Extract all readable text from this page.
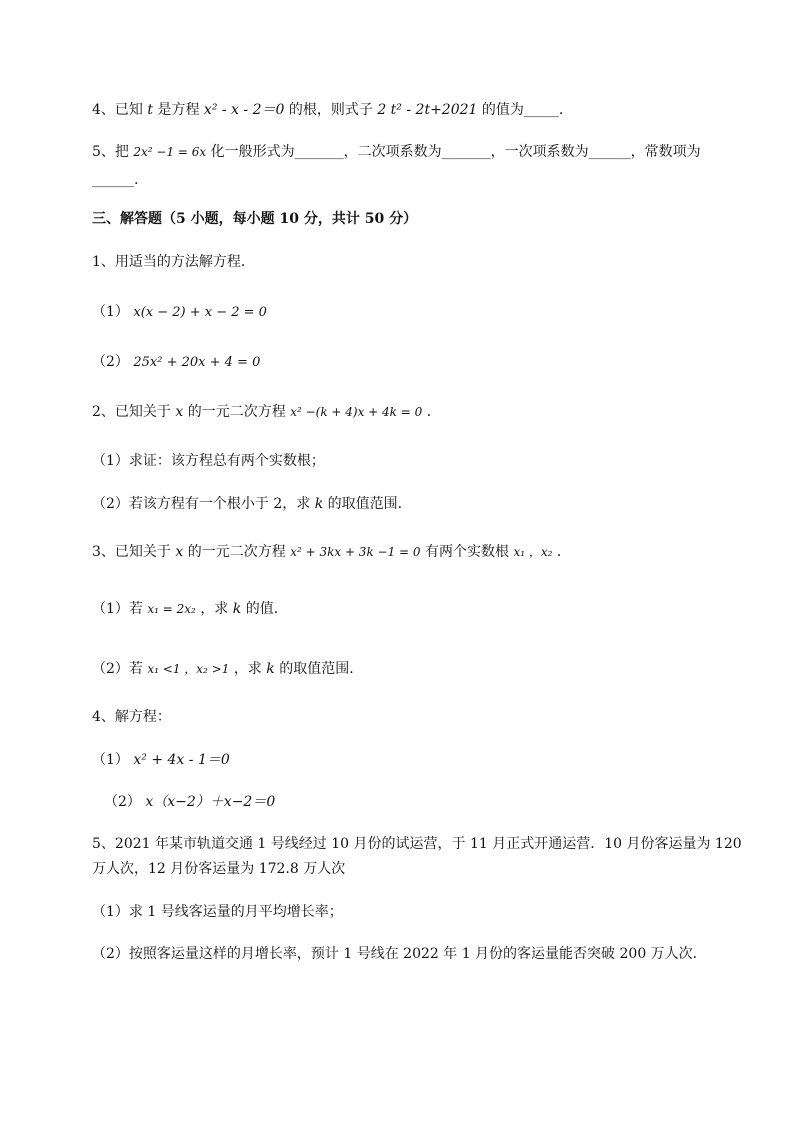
4、已知 t 是方程 x² - x - 2＝0 的根，则式子 2 t² - 2t+2021 的值为_____.
5、把 2x² −1 = 6x 化一般形式为_______，二次项系数为_______，一次项系数为______，常数项为
______.
三、解答题（5 小题，每小题 10 分，共计 50 分）
1、用适当的方法解方程．
（1） x(x − 2) + x − 2 = 0
（2） 25x² + 20x + 4 = 0
2、已知关于 x 的一元二次方程 x² −(k + 4)x + 4k = 0 ．
（1）求证：该方程总有两个实数根；
（2）若该方程有一个根小于 2，求 k 的取值范围．
3、已知关于 x 的一元二次方程 x² + 3kx + 3k −1 = 0 有两个实数根 x₁ ，x₂ ．
（1）若 x₁ = 2x₂ ，求 k 的值．
（2）若 x₁ <1 ，x₂ >1 ，求 k 的取值范围．
4、解方程：
（1） x² + 4x - 1＝0
（2） x（x−2）＋x−2＝0
5、2021 年某市轨道交通 1 号线经过 10 月份的试运营，于 11 月正式开通运营．10 月份客运量为 120
万人次，12 月份客运量为 172.8 万人次
（1）求 1 号线客运量的月平均增长率；
（2）按照客运量这样的月增长率，预计 1 号线在 2022 年 1 月份的客运量能否突破 200 万人次．
